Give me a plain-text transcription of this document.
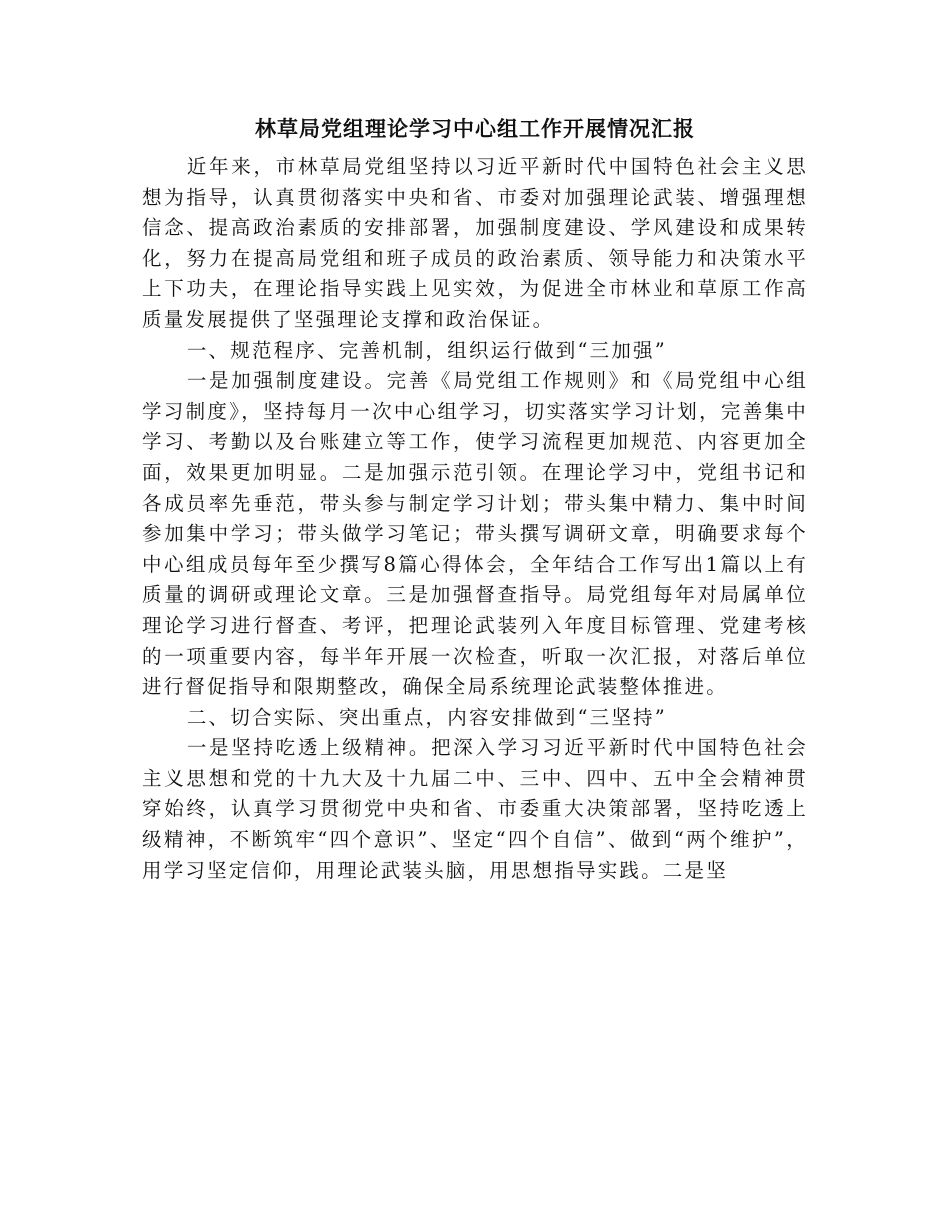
林草局党组理论学习中心组工作开展情况汇报

近年来，市林草局党组坚持以习近平新时代中国特色社会主义思想为指导，认真贯彻落实中央和省、市委对加强理论武装、增强理想信念、提高政治素质的安排部署，加强制度建设、学风建设和成果转化，努力在提高局党组和班子成员的政治素质、领导能力和决策水平上下功夫，在理论指导实践上见实效，为促进全市林业和草原工作高质量发展提供了坚强理论支撑和政治保证。

一、规范程序、完善机制，组织运行做到“三加强”

一是加强制度建设。完善《局党组工作规则》和《局党组中心组学习制度》，坚持每月一次中心组学习，切实落实学习计划，完善集中学习、考勤以及台账建立等工作，使学习流程更加规范、内容更加全面，效果更加明显。二是加强示范引领。在理论学习中，党组书记和各成员率先垂范，带头参与制定学习计划；带头集中精力、集中时间参加集中学习；带头做学习笔记；带头撰写调研文章，明确要求每个中心组成员每年至少撰写8篇心得体会，全年结合工作写出1篇以上有质量的调研或理论文章。三是加强督查指导。局党组每年对局属单位理论学习进行督查、考评，把理论武装列入年度目标管理、党建考核的一项重要内容，每半年开展一次检查，听取一次汇报，对落后单位进行督促指导和限期整改，确保全局系统理论武装整体推进。

二、切合实际、突出重点，内容安排做到“三坚持”

一是坚持吃透上级精神。把深入学习习近平新时代中国特色社会主义思想和党的十九大及十九届二中、三中、四中、五中全会精神贯穿始终，认真学习贯彻党中央和省、市委重大决策部署，坚持吃透上级精神，不断筑牢“四个意识”、坚定“四个自信”、做到“两个维护”，用学习坚定信仰，用理论武装头脑，用思想指导实践。二是坚
